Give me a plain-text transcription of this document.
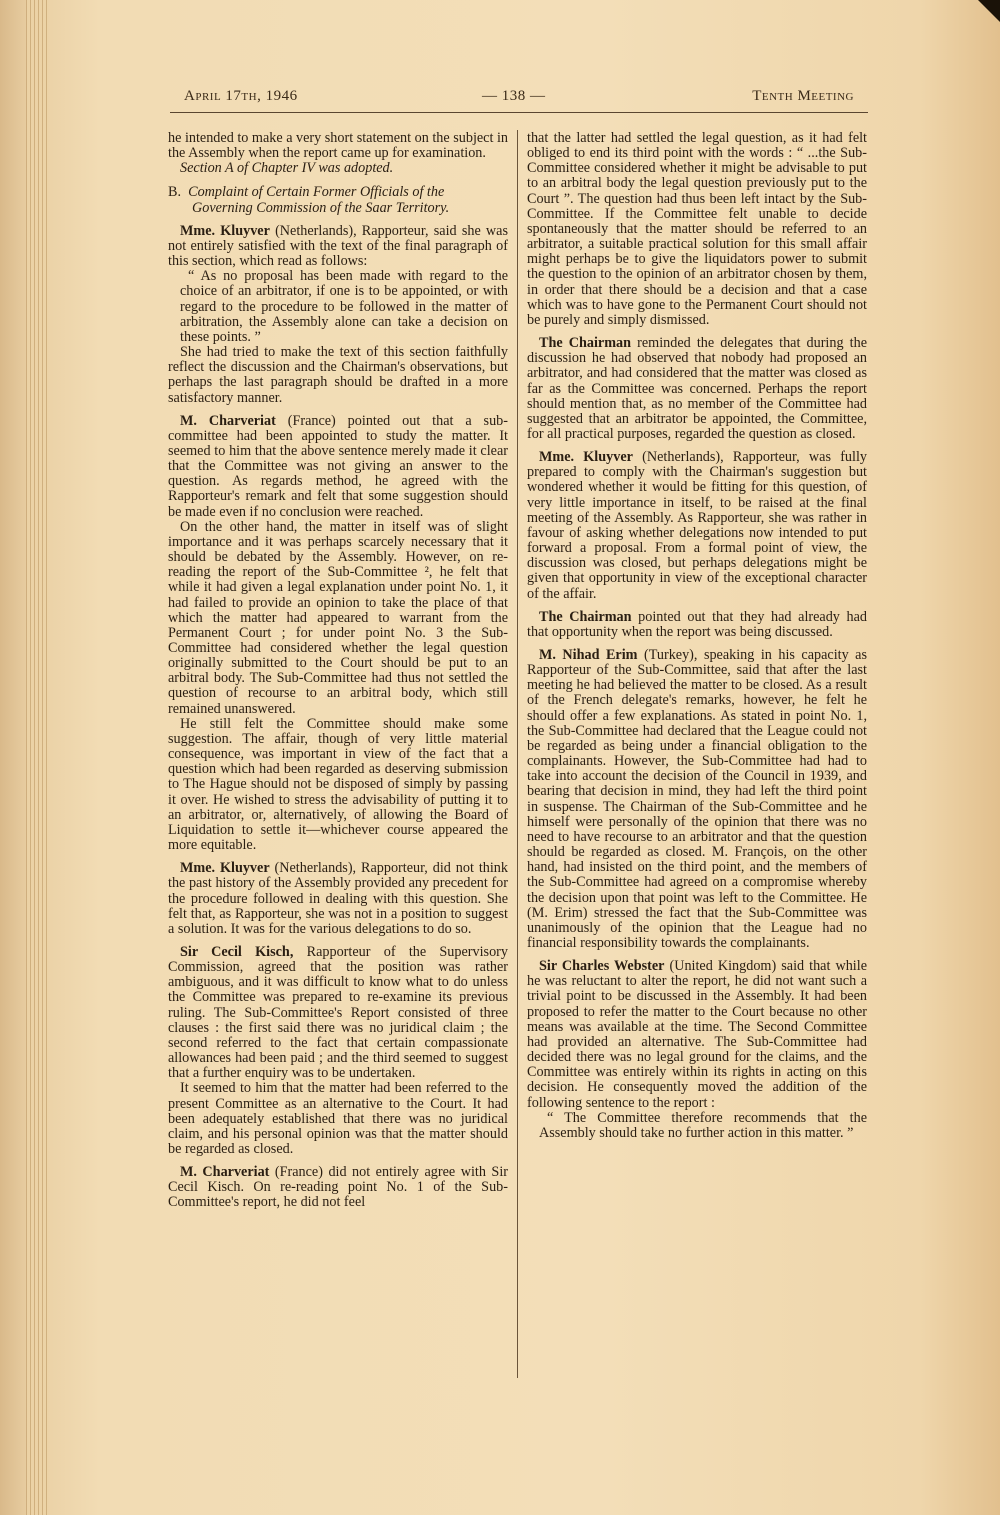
April 17th, 1946	— 138 —	Tenth Meeting

he intended to make a very short statement on the subject in the Assembly when the report came up for examination.

Section A of Chapter IV was adopted.

B. Complaint of Certain Former Officials of the Governing Commission of the Saar Territory.

Mme. Kluyver (Netherlands), Rapporteur, said she was not entirely satisfied with the text of the final paragraph of this section, which read as follows:

“ As no proposal has been made with regard to the choice of an arbitrator, if one is to be appointed, or with regard to the procedure to be followed in the matter of arbitration, the Assembly alone can take a decision on these points. ”

She had tried to make the text of this section faithfully reflect the discussion and the Chairman's observations, but perhaps the last paragraph should be drafted in a more satisfactory manner.

M. Charveriat (France) pointed out that a sub-committee had been appointed to study the matter. It seemed to him that the above sentence merely made it clear that the Committee was not giving an answer to the question. As regards method, he agreed with the Rapporteur's remark and felt that some suggestion should be made even if no conclusion were reached.

On the other hand, the matter in itself was of slight importance and it was perhaps scarcely necessary that it should be debated by the Assembly. However, on re-reading the report of the Sub-Committee ², he felt that while it had given a legal explanation under point No. 1, it had failed to provide an opinion to take the place of that which the matter had appeared to warrant from the Permanent Court ; for under point No. 3 the Sub-Committee had considered whether the legal question originally submitted to the Court should be put to an arbitral body. The Sub-Committee had thus not settled the question of recourse to an arbitral body, which still remained unanswered.

He still felt the Committee should make some suggestion. The affair, though of very little material consequence, was important in view of the fact that a question which had been regarded as deserving submission to The Hague should not be disposed of simply by passing it over. He wished to stress the advisability of putting it to an arbitrator, or, alternatively, of allowing the Board of Liquidation to settle it—whichever course appeared the more equitable.

Mme. Kluyver (Netherlands), Rapporteur, did not think the past history of the Assembly provided any precedent for the procedure followed in dealing with this question. She felt that, as Rapporteur, she was not in a position to suggest a solution. It was for the various delegations to do so.

Sir Cecil Kisch, Rapporteur of the Supervisory Commission, agreed that the position was rather ambiguous, and it was difficult to know what to do unless the Committee was prepared to re-examine its previous ruling. The Sub-Committee's Report consisted of three clauses : the first said there was no juridical claim ; the second referred to the fact that certain compassionate allowances had been paid ; and the third seemed to suggest that a further enquiry was to be undertaken.

It seemed to him that the matter had been referred to the present Committee as an alternative to the Court. It had been adequately established that there was no juridical claim, and his personal opinion was that the matter should be regarded as closed.

M. Charveriat (France) did not entirely agree with Sir Cecil Kisch. On re-reading point No. 1 of the Sub-Committee's report, he did not feel

that the latter had settled the legal question, as it had felt obliged to end its third point with the words : “ ...the Sub-Committee considered whether it might be advisable to put to an arbitral body the legal question previously put to the Court ”. The question had thus been left intact by the Sub-Committee. If the Committee felt unable to decide spontaneously that the matter should be referred to an arbitrator, a suitable practical solution for this small affair might perhaps be to give the liquidators power to submit the question to the opinion of an arbitrator chosen by them, in order that there should be a decision and that a case which was to have gone to the Permanent Court should not be purely and simply dismissed.

The Chairman reminded the delegates that during the discussion he had observed that nobody had proposed an arbitrator, and had considered that the matter was closed as far as the Committee was concerned. Perhaps the report should mention that, as no member of the Committee had suggested that an arbitrator be appointed, the Committee, for all practical purposes, regarded the question as closed.

Mme. Kluyver (Netherlands), Rapporteur, was fully prepared to comply with the Chairman's suggestion but wondered whether it would be fitting for this question, of very little importance in itself, to be raised at the final meeting of the Assembly. As Rapporteur, she was rather in favour of asking whether delegations now intended to put forward a proposal. From a formal point of view, the discussion was closed, but perhaps delegations might be given that opportunity in view of the exceptional character of the affair.

The Chairman pointed out that they had already had that opportunity when the report was being discussed.

M. Nihad Erim (Turkey), speaking in his capacity as Rapporteur of the Sub-Committee, said that after the last meeting he had believed the matter to be closed. As a result of the French delegate's remarks, however, he felt he should offer a few explanations. As stated in point No. 1, the Sub-Committee had declared that the League could not be regarded as being under a financial obligation to the complainants. However, the Sub-Committee had had to take into account the decision of the Council in 1939, and bearing that decision in mind, they had left the third point in suspense. The Chairman of the Sub-Committee and he himself were personally of the opinion that there was no need to have recourse to an arbitrator and that the question should be regarded as closed. M. François, on the other hand, had insisted on the third point, and the members of the Sub-Committee had agreed on a compromise whereby the decision upon that point was left to the Committee. He (M. Erim) stressed the fact that the Sub-Committee was unanimously of the opinion that the League had no financial responsibility towards the complainants.

Sir Charles Webster (United Kingdom) said that while he was reluctant to alter the report, he did not want such a trivial point to be discussed in the Assembly. It had been proposed to refer the matter to the Court because no other means was available at the time. The Second Committee had provided an alternative. The Sub-Committee had decided there was no legal ground for the claims, and the Committee was entirely within its rights in acting on this decision. He consequently moved the addition of the following sentence to the report :

“ The Committee therefore recommends that the Assembly should take no further action in this matter. ”
